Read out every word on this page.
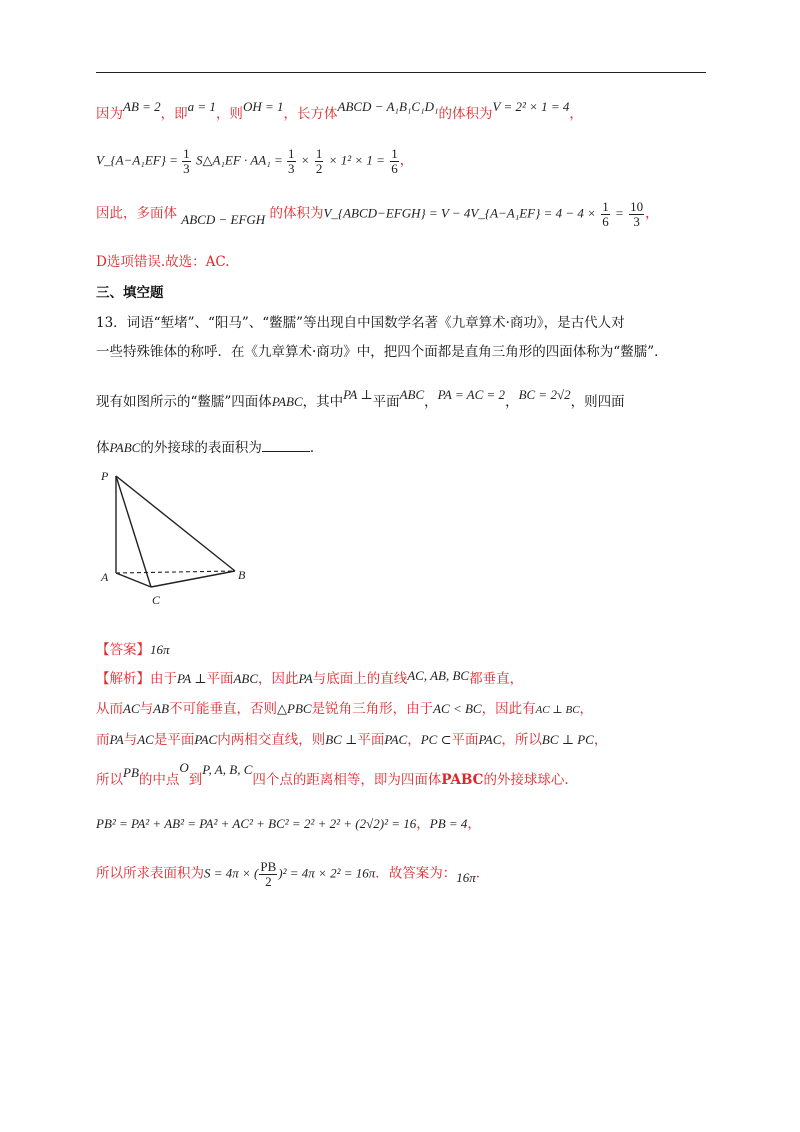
因为AB = 2，即a = 1，则OH = 1，长方体ABCD − A₁B₁C₁D₁的体积为V = 2² × 1 = 4，
V_{A−A₁EF} = $\frac{1}{3}$ S△A₁EF · $AA_1 = \frac{1}{3} \times \frac{1}{2} \times 1^2 \times 1 = \frac{1}{6}$ ，
因此，多面体 ABCD − EFGH 的体积为V_{ABCD−EFGH} = V − 4V_{A−A₁EF} = $4 - 4 \times \frac{1}{6} = \frac{10}{3}$ ，
D选项错误.故选：AC.
三、填空题
13．词语“堑堵”、“阳马”、“鳖臑”等出现自中国数学名著《九章算术·商功》，是古代人对
一些特殊锥体的称呼．在《九章算术·商功》中，把四个面都是直角三角形的四面体称为“鳖臑”．
现有如图所示的“鳖臑”四面体PABC，其中PA ⊥平面ABC，PA = AC = 2，BC = 2√2，则四面
体PABC的外接球的表面积为	．
P
A	B
C
【答案】16π
【解析】由于PA ⊥平面ABC，因此PA与底面上的直线AC, AB, BC都垂直，
从而AC与AB不可能垂直，否则△PBC是锐角三角形，由于AC < BC，因此有AC ⊥ BC，
而PA与AC是平面PAC内两相交直线，则BC ⊥平面PAC，PC ⊂平面PAC，所以BC ⊥ PC，
所以PB的中点O到P, A, B, C四个点的距离相等，即为四面体PABC的外接球球心.
PB² = PA² + AB² = PA² + AC² + BC² = 2² + 2² + (2√2)² = 16，PB = 4，
所以所求表面积为S = 4π × ( $\frac{PB}{2} )^2 = 4\pi \times 2^2 = 16\pi$．故答案为：16π.
